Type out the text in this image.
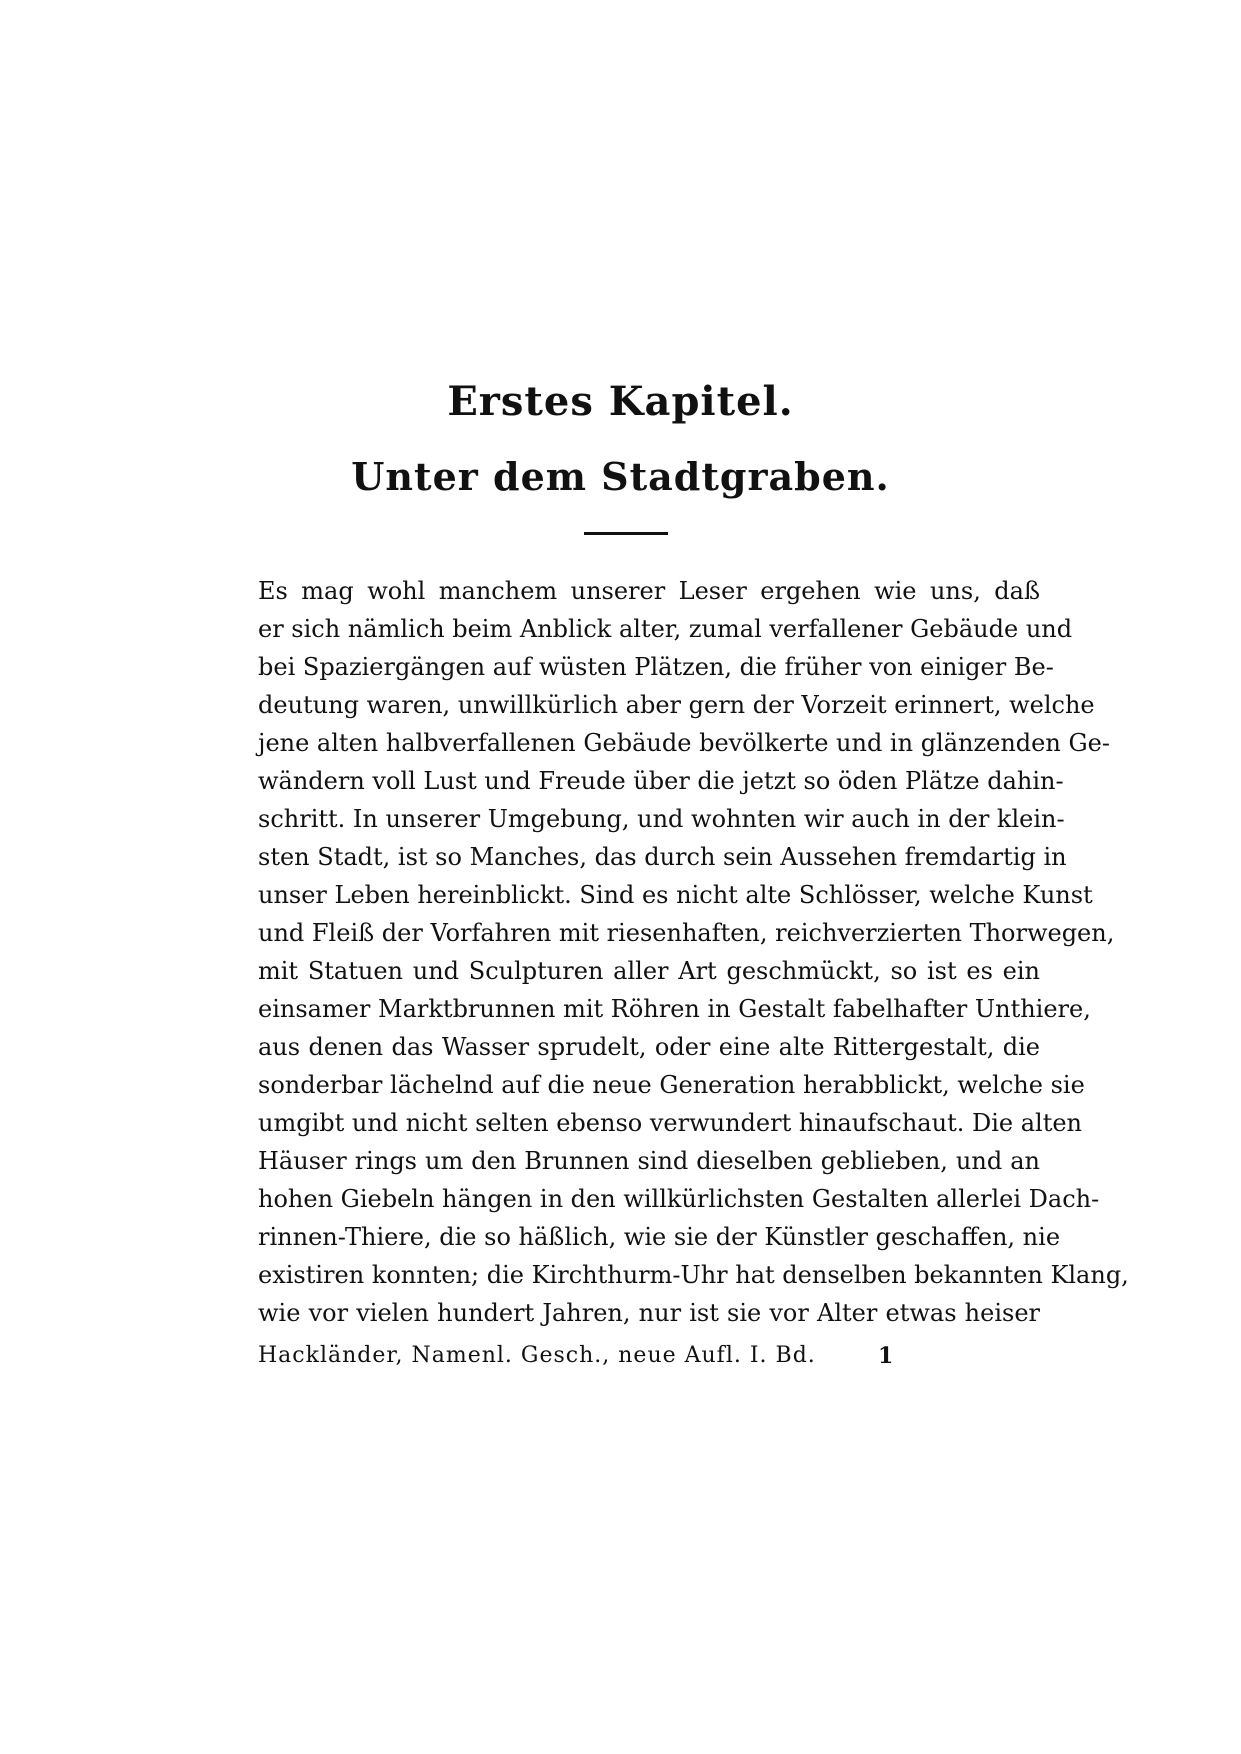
Erstes Kapitel.
Unter dem Stadtgraben.
Es mag wohl manchem unserer Leser ergehen wie uns, daß
er sich nämlich beim Anblick alter, zumal verfallener Gebäude und
bei Spaziergängen auf wüsten Plätzen, die früher von einiger Be-
deutung waren, unwillkürlich aber gern der Vorzeit erinnert, welche
jene alten halbverfallenen Gebäude bevölkerte und in glänzenden Ge-
wändern voll Lust und Freude über die jetzt so öden Plätze dahin-
schritt. In unserer Umgebung, und wohnten wir auch in der klein-
sten Stadt, ist so Manches, das durch sein Aussehen fremdartig in
unser Leben hereinblickt. Sind es nicht alte Schlösser, welche Kunst
und Fleiß der Vorfahren mit riesenhaften, reichverzierten Thorwegen,
mit Statuen und Sculpturen aller Art geschmückt, so ist es ein
einsamer Marktbrunnen mit Röhren in Gestalt fabelhafter Unthiere,
aus denen das Wasser sprudelt, oder eine alte Rittergestalt, die
sonderbar lächelnd auf die neue Generation herabblickt, welche sie
umgibt und nicht selten ebenso verwundert hinaufschaut. Die alten
Häuser rings um den Brunnen sind dieselben geblieben, und an
hohen Giebeln hängen in den willkürlichsten Gestalten allerlei Dach-
rinnen-Thiere, die so häßlich, wie sie der Künstler geschaffen, nie
existiren konnten; die Kirchthurm-Uhr hat denselben bekannten Klang,
wie vor vielen hundert Jahren, nur ist sie vor Alter etwas heiser
Hackländer, Namenl. Gesch., neue Aufl. I. Bd.	1
